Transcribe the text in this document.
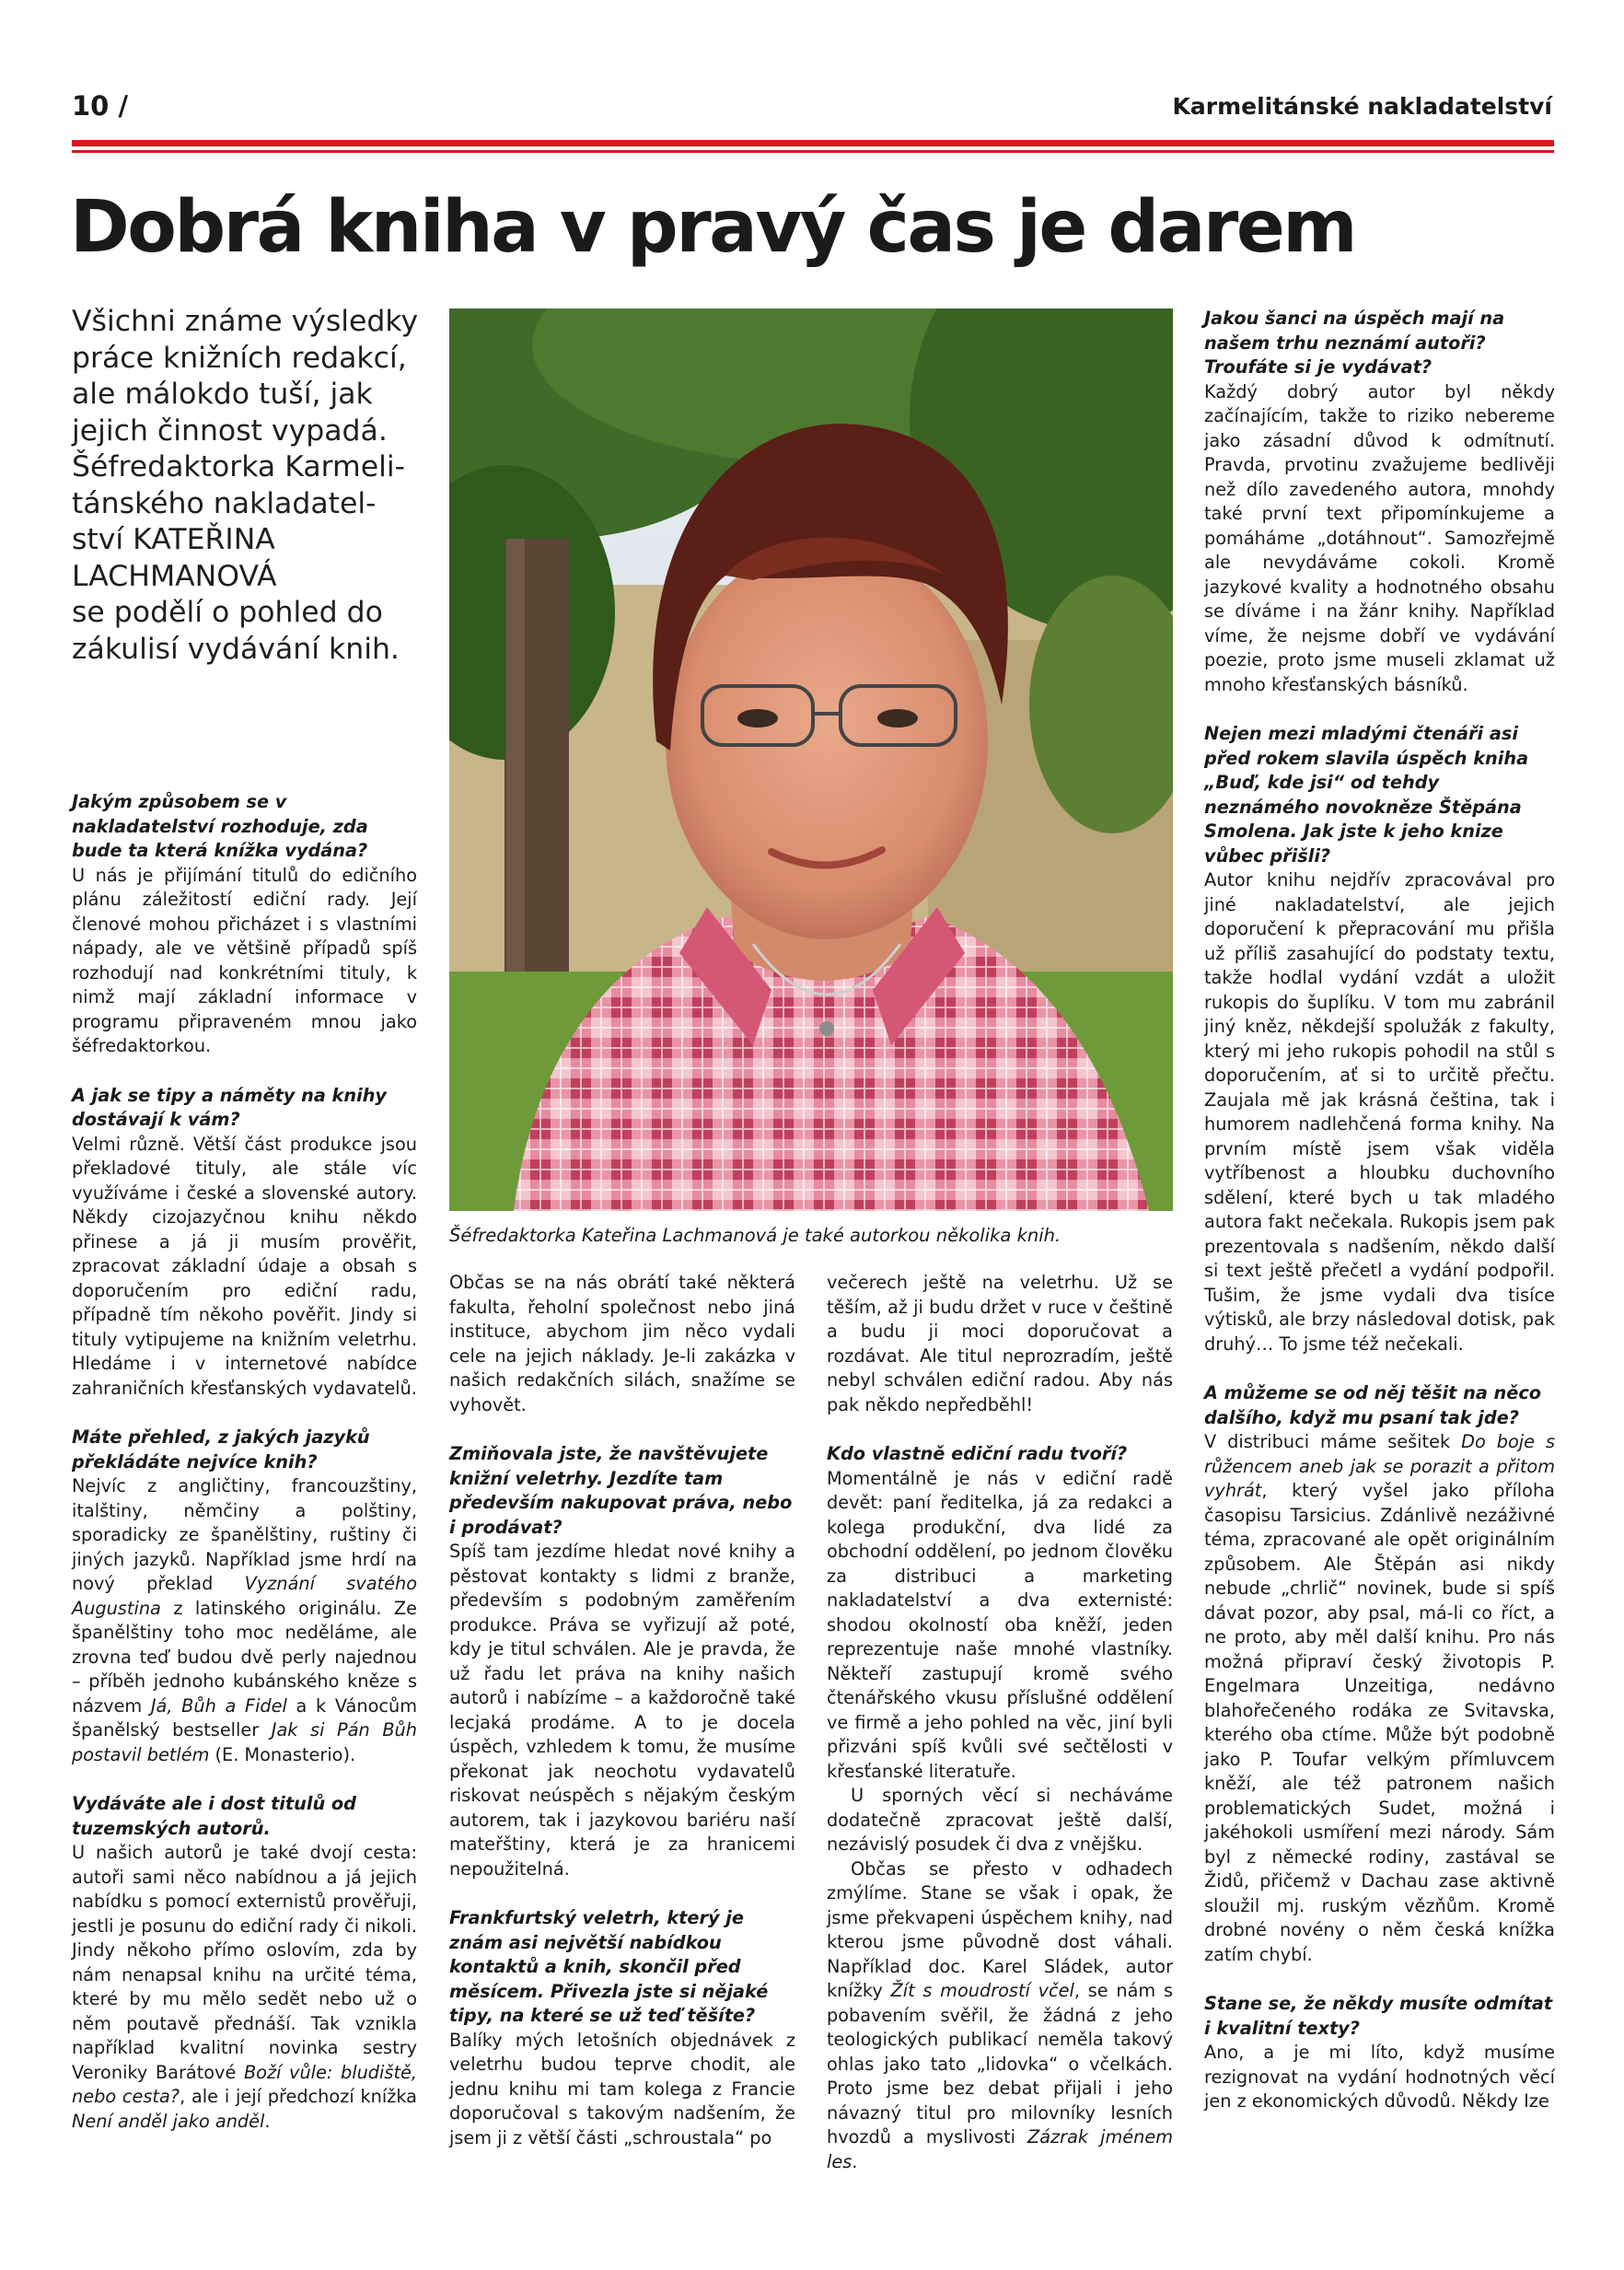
10 /	Karmelitánské nakladatelství
Dobrá kniha v pravý čas je darem
Všichni známe výsledky
práce knižních redakcí,
ale málokdo tuší, jak
jejich činnost vypadá.
Šéfredaktorka Karmeli-
tánského nakladatel-
ství KATEŘINA
LACHMANOVÁ
se podělí o pohled do
zákulisí vydávání knih.
Šéfredaktorka Kateřina Lachmanová je také autorkou několika knih.

Jakým způsobem se v nakladatelství rozhoduje, zda bude ta která knížka vydána?
U nás je přijímání titulů do edičního plánu záležitostí ediční rady. Její členové mohou přicházet i s vlastními nápady, ale ve většině případů spíš rozhodují nad konkrétními tituly, k nimž mají základní informace v programu připraveném mnou jako šéfredaktorkou.

A jak se tipy a náměty na knihy dostávají k vám?
Velmi různě. Větší část produkce jsou překladové tituly, ale stále víc využíváme i české a slovenské autory. Někdy cizojazyčnou knihu někdo přinese a já ji musím prověřit, zpracovat základní údaje a obsah s doporučením pro ediční radu, případně tím někoho pověřit. Jindy si tituly vytipujeme na knižním veletrhu. Hledáme i v internetové nabídce zahraničních křesťanských vydavatelů.

Máte přehled, z jakých jazyků překládáte nejvíce knih?
Nejvíc z angličtiny, francouzštiny, italštiny, němčiny a polštiny, sporadicky ze španělštiny, ruštiny či jiných jazyků. Například jsme hrdí na nový překlad Vyznání svatého Augustina z latinského originálu. Ze španělštiny toho moc neděláme, ale zrovna teď budou dvě perly najednou – příběh jednoho kubánského kněze s názvem Já, Bůh a Fidel a k Vánocům španělský bestseller Jak si Pán Bůh postavil betlém (E. Monasterio).

Vydáváte ale i dost titulů od tuzemských autorů.
U našich autorů je také dvojí cesta: autoři sami něco nabídnou a já jejich nabídku s pomocí externistů prověřuji, jestli je posunu do ediční rady či nikoli. Jindy někoho přímo oslovím, zda by nám nenapsal knihu na určité téma, které by mu mělo sedět nebo už o něm poutavě přednáší. Tak vznikla například kvalitní novinka sestry Veroniky Barátové Boží vůle: bludiště, nebo cesta?, ale i její předchozí knížka Není anděl jako anděl.

Občas se na nás obrátí také některá fakulta, řeholní společnost nebo jiná instituce, abychom jim něco vydali cele na jejich náklady. Je-li zakázka v našich redakčních silách, snažíme se vyhovět.

Zmiňovala jste, že navštěvujete knižní veletrhy. Jezdíte tam především nakupovat práva, nebo i prodávat?
Spíš tam jezdíme hledat nové knihy a pěstovat kontakty s lidmi z branže, především s podobným zaměřením produkce. Práva se vyřizují až poté, kdy je titul schválen. Ale je pravda, že už řadu let práva na knihy našich autorů i nabízíme – a každoročně také lecjaká prodáme. A to je docela úspěch, vzhledem k tomu, že musíme překonat jak neochotu vydavatelů riskovat neúspěch s nějakým českým autorem, tak i jazykovou bariéru naší mateřštiny, která je za hranicemi nepoužitelná.

Frankfurtský veletrh, který je znám asi největší nabídkou kontaktů a knih, skončil před měsícem. Přivezla jste si nějaké tipy, na které se už teď těšíte?
Balíky mých letošních objednávek z veletrhu budou teprve chodit, ale jednu knihu mi tam kolega z Francie doporučoval s takovým nadšením, že jsem ji z větší části „schroustala“ po

večerech ještě na veletrhu. Už se těším, až ji budu držet v ruce v češtině a budu ji moci doporučovat a rozdávat. Ale titul neprozradím, ještě nebyl schválen ediční radou. Aby nás pak někdo nepředběhl!

Kdo vlastně ediční radu tvoří?
Momentálně je nás v ediční radě devět: paní ředitelka, já za redakci a kolega produkční, dva lidé za obchodní oddělení, po jednom člověku za distribuci a marketing nakladatelství a dva externisté: shodou okolností oba kněží, jeden reprezentuje naše mnohé vlastníky. Někteří zastupují kromě svého čtenářského vkusu příslušné oddělení ve firmě a jeho pohled na věc, jiní byli přizváni spíš kvůli své sečtělosti v křesťanské literatuře.

U sporných věcí si necháváme dodatečně zpracovat ještě další, nezávislý posudek či dva z vnějšku.

Občas se přesto v odhadech zmýlíme. Stane se však i opak, že jsme překvapeni úspěchem knihy, nad kterou jsme původně dost váhali. Například doc. Karel Sládek, autor knížky Žít s moudrostí včel, se nám s pobavením svěřil, že žádná z jeho teologických publikací neměla takový ohlas jako tato „lidovka“ o včelkách. Proto jsme bez debat přijali i jeho návazný titul pro milovníky lesních hvozdů a myslivosti Zázrak jménem les.

Jakou šanci na úspěch mají na našem trhu neznámí autoři? Troufáte si je vydávat?
Každý dobrý autor byl někdy začínajícím, takže to riziko nebereme jako zásadní důvod k odmítnutí. Pravda, prvotinu zvažujeme bedlivěji než dílo zavedeného autora, mnohdy také první text připomínkujeme a pomáháme „dotáhnout“. Samozřejmě ale nevydáváme cokoli. Kromě jazykové kvality a hodnotného obsahu se díváme i na žánr knihy. Například víme, že nejsme dobří ve vydávání poezie, proto jsme museli zklamat už mnoho křesťanských básníků.

Nejen mezi mladými čtenáři asi před rokem slavila úspěch kniha „Buď, kde jsi“ od tehdy neznámého novokněze Štěpána Smolena. Jak jste k jeho knize vůbec přišli?
Autor knihu nejdřív zpracovával pro jiné nakladatelství, ale jejich doporučení k přepracování mu přišla už příliš zasahující do podstaty textu, takže hodlal vydání vzdát a uložit rukopis do šuplíku. V tom mu zabránil jiný kněz, někdejší spolužák z fakulty, který mi jeho rukopis pohodil na stůl s doporučením, ať si to určitě přečtu. Zaujala mě jak krásná čeština, tak i humorem nadlehčená forma knihy. Na prvním místě jsem však viděla vytříbenost a hloubku duchovního sdělení, které bych u tak mladého autora fakt nečekala. Rukopis jsem pak prezentovala s nadšením, někdo další si text ještě přečetl a vydání podpořil. Tušim, že jsme vydali dva tisíce výtisků, ale brzy následoval dotisk, pak druhý… To jsme též nečekali.

A můžeme se od něj těšit na něco dalšího, když mu psaní tak jde?
V distribuci máme sešitek Do boje s růžencem aneb jak se porazit a přitom vyhrát, který vyšel jako příloha časopisu Tarsicius. Zdánlivě nezáživné téma, zpracované ale opět originálním způsobem. Ale Štěpán asi nikdy nebude „chrlič“ novinek, bude si spíš dávat pozor, aby psal, má-li co říct, a ne proto, aby měl další knihu. Pro nás možná připraví český životopis P. Engelmara Unzeitiga, nedávno blahořečeného rodáka ze Svitavska, kterého oba ctíme. Může být podobně jako P. Toufar velkým přímluvcem kněží, ale též patronem našich problematických Sudet, možná i jakéhokoli usmíření mezi národy. Sám byl z německé rodiny, zastával se Židů, přičemž v Dachau zase aktivně sloužil mj. ruským vězňům. Kromě drobné novény o něm česká knížka zatím chybí.

Stane se, že někdy musíte odmítat i kvalitní texty?
Ano, a je mi líto, když musíme rezignovat na vydání hodnotných věcí jen z ekonomických důvodů. Někdy Ize
